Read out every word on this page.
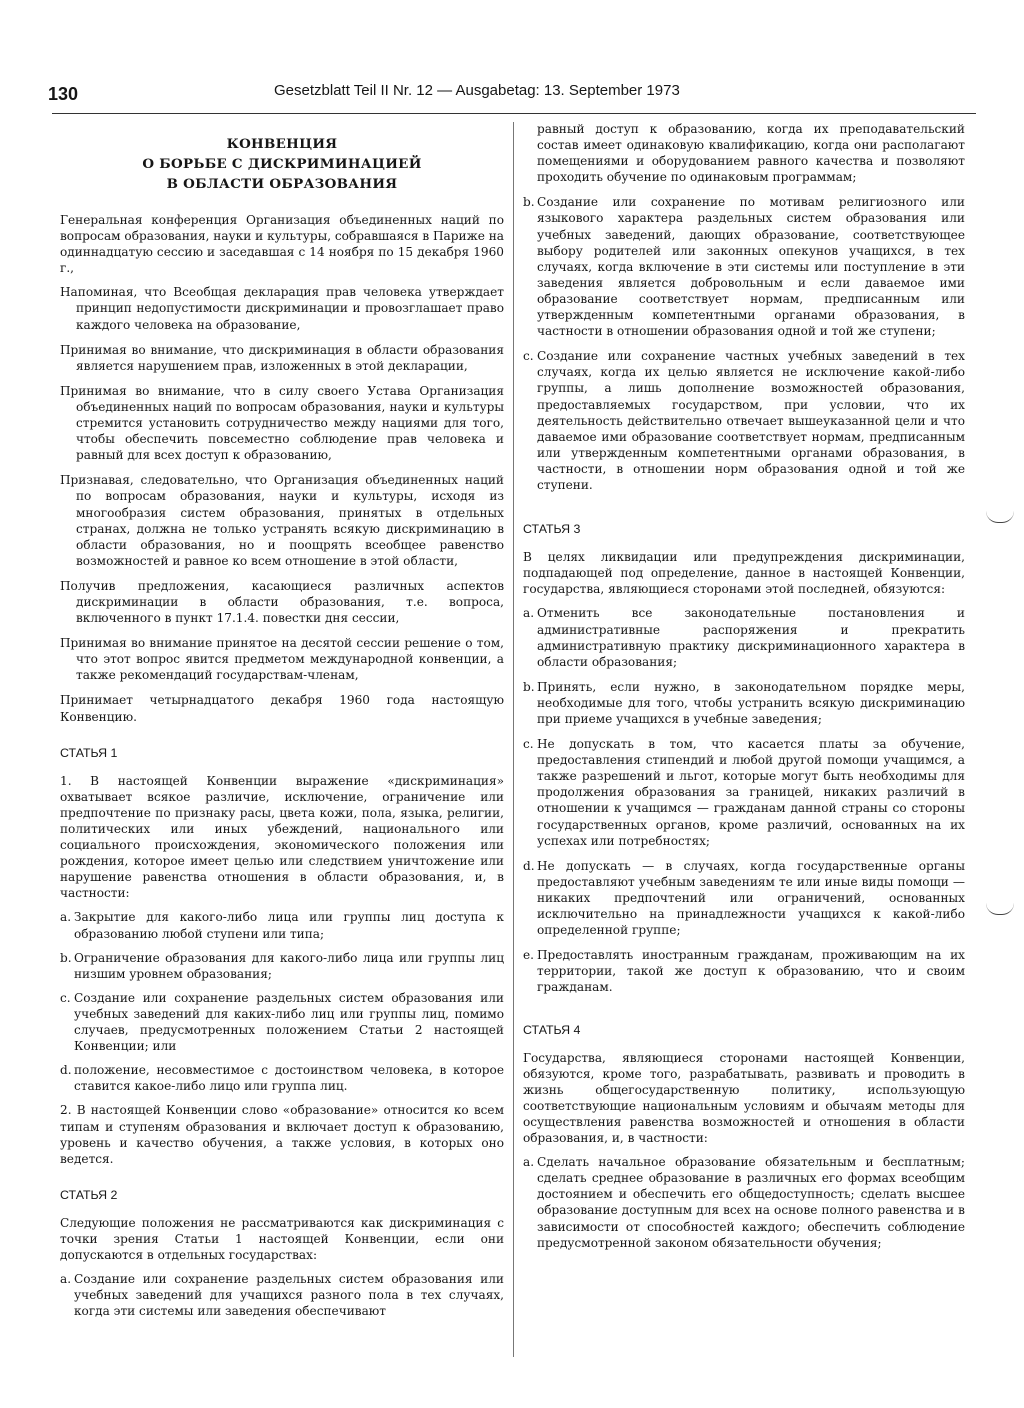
130	Gesetzblatt Teil II Nr. 12 — Ausgabetag: 13. September 1973
КОНВЕНЦИЯ
О БОРЬБЕ С ДИСКРИМИНАЦИЕЙ
В ОБЛАСТИ ОБРАЗОВАНИЯ

Генеральная конференция Организация объединенных наций по вопросам образования, науки и культуры, собравшаяся в Париже на одиннадцатую сессию и заседавшая с 14 ноября по 15 декабря 1960 г.,

Напоминая, что Всеобщая декларация прав человека утверждает принцип недопустимости дискриминации и провозглашает право каждого человека на образование,

Принимая во внимание, что дискриминация в области образования является нарушением прав, изложенных в этой декларации,

Принимая во внимание, что в силу своего Устава Организация объединенных наций по вопросам образования, науки и культуры стремится установить сотрудничество между нациями для того, чтобы обеспечить повсеместно соблюдение прав человека и равный для всех доступ к образованию,

Признавая, следовательно, что Организация объединенных наций по вопросам образования, науки и культуры, исходя из многообразия систем образования, принятых в отдельных странах, должна не только устранять всякую дискриминацию в области образования, но и поощрять всеобщее равенство возможностей и равное ко всем отношение в этой области,

Получив предложения, касающиеся различных аспектов дискриминации в области образования, т.е. вопроса, включенного в пункт 17.1.4. повестки дня сессии,

Принимая во внимание принятое на десятой сессии решение о том, что этот вопрос явится предметом международной конвенции, а также рекомендаций государствам-членам,

Принимает четырнадцатого декабря 1960 года настоящую Конвенцию.

СТАТЬЯ 1

1. В настоящей Конвенции выражение «дискриминация» охватывает всякое различие, исключение, ограничение или предпочтение по признаку расы, цвета кожи, пола, языка, религии, политических или иных убеждений, национального или социального происхождения, экономического положения или рождения, которое имеет целью или следствием уничтожение или нарушение равенства отношения в области образования, и, в частности:

a. Закрытие для какого-либо лица или группы лиц доступа к образованию любой ступени или типа;
b. Ограничение образования для какого-либо лица или группы лиц низшим уровнем образования;
c. Создание или сохранение раздельных систем образования или учебных заведений для каких-либо лиц или группы лиц, помимо случаев, предусмотренных положением Статьи 2 настоящей Конвенции; или
d. положение, несовместимое с достоинством человека, в которое ставится какое-либо лицо или группа лиц.

2. В настоящей Конвенции слово «образование» относится ко всем типам и ступеням образования и включает доступ к образованию, уровень и качество обучения, а также условия, в которых оно ведется.

СТАТЬЯ 2

Следующие положения не рассматриваются как дискриминация с точки зрения Статьи 1 настоящей Конвенции, если они допускаются в отдельных государствах:

a. Создание или сохранение раздельных систем образования или учебных заведений для учащихся разного пола в тех случаях, когда эти системы или заведения обеспечивают
равный доступ к образованию, когда их преподавательский состав имеет одинаковую квалификацию, когда они располагают помещениями и оборудованием равного качества и позволяют проходить обучение по одинаковым программам;
b. Создание или сохранение по мотивам религиозного или языкового характера раздельных систем образования или учебных заведений, дающих образование, соответствующее выбору родителей или законных опекунов учащихся, в тех случаях, когда включение в эти системы или поступление в эти заведения является добровольным и если даваемое ими образование соответствует нормам, предписанным или утвержденным компетентными органами образования, в частности в отношении образования одной и той же ступени;
c. Создание или сохранение частных учебных заведений в тех случаях, когда их целью является не исключение какой-либо группы, а лишь дополнение возможностей образования, предоставляемых государством, при условии, что их деятельность действительно отвечает вышеуказанной цели и что даваемое ими образование соответствует нормам, предписанным или утвержденным компетентными органами образования, в частности, в отношении норм образования одной и той же ступени.
СТАТЬЯ 3

В целях ликвидации или предупреждения дискриминации, подпадающей под определение, данное в настоящей Конвенции, государства, являющиеся сторонами этой последней, обязуются:

a. Отменить все законодательные постановления и административные распоряжения и прекратить административную практику дискриминационного характера в области образования;
b. Принять, если нужно, в законодательном порядке меры, необходимые для того, чтобы устранить всякую дискриминацию при приеме учащихся в учебные заведения;
c. Не допускать в том, что касается платы за обучение, предоставления стипендий и любой другой помощи учащимся, а также разрешений и льгот, которые могут быть необходимы для продолжения образования за границей, никаких различий в отношении к учащимся — гражданам данной страны со стороны государственных органов, кроме различий, основанных на их успехах или потребностях;
d. Не допускать — в случаях, когда государственные органы предоставляют учебным заведениям те или иные виды помощи — никаких предпочтений или ограничений, основанных исключительно на принадлежности учащихся к какой-либо определенной группе;
e. Предоставлять иностранным гражданам, проживающим на их территории, такой же доступ к образованию, что и своим гражданам.
СТАТЬЯ 4

Государства, являющиеся сторонами настоящей Конвенции, обязуются, кроме того, разрабатывать, развивать и проводить в жизнь общегосударственную политику, использующую соответствующие национальным условиям и обычаям методы для осуществления равенства возможностей и отношения в области образования, и, в частности:

a. Сделать начальное образование обязательным и бесплатным; сделать среднее образование в различных его формах всеобщим достоянием и обеспечить его общедоступность; сделать высшее образование доступным для всех на основе полного равенства и в зависимости от способностей каждого; обеспечить соблюдение предусмотренной законом обязательности обучения;
